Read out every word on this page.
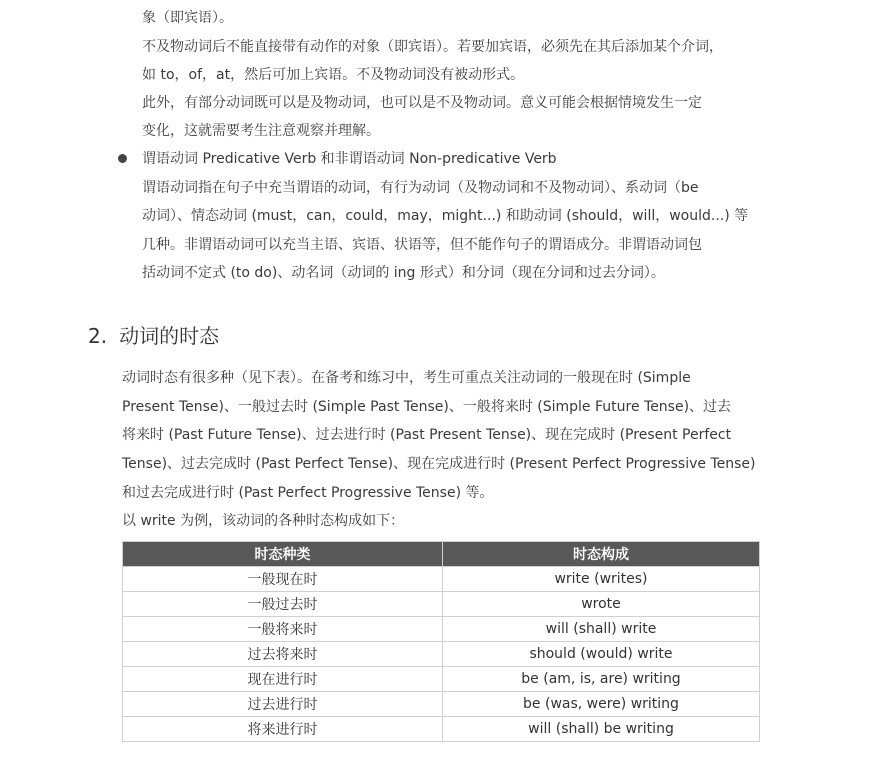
象（即宾语）。
不及物动词后不能直接带有动作的对象（即宾语）。若要加宾语，必须先在其后添加某个介词，
如 to，of，at，然后可加上宾语。不及物动词没有被动形式。
此外，有部分动词既可以是及物动词，也可以是不及物动词。意义可能会根据情境发生一定
变化，这就需要考生注意观察并理解。
谓语动词 Predicative Verb 和非谓语动词 Non-predicative Verb
谓语动词指在句子中充当谓语的动词，有行为动词（及物动词和不及物动词）、系动词（be
动词）、情态动词 (must，can，could，may，might...) 和助动词 (should，will，would...) 等
几种。非谓语动词可以充当主语、宾语、状语等，但不能作句子的谓语成分。非谓语动词包
括动词不定式 (to do)、动名词（动词的 ing 形式）和分词（现在分词和过去分词）。
2. 动词的时态
动词时态有很多种（见下表）。在备考和练习中，考生可重点关注动词的一般现在时 (Simple
Present Tense)、一般过去时 (Simple Past Tense)、一般将来时 (Simple Future Tense)、过去
将来时 (Past Future Tense)、过去进行时 (Past Present Tense)、现在完成时 (Present Perfect
Tense)、过去完成时 (Past Perfect Tense)、现在完成进行时 (Present Perfect Progressive Tense)
和过去完成进行时 (Past Perfect Progressive Tense) 等。
以 write 为例，该动词的各种时态构成如下：
时态种类	时态构成
一般现在时	write (writes)
一般过去时	wrote
一般将来时	will (shall) write
过去将来时	should (would) write
现在进行时	be (am, is, are) writing
过去进行时	be (was, were) writing
将来进行时	will (shall) be writing
